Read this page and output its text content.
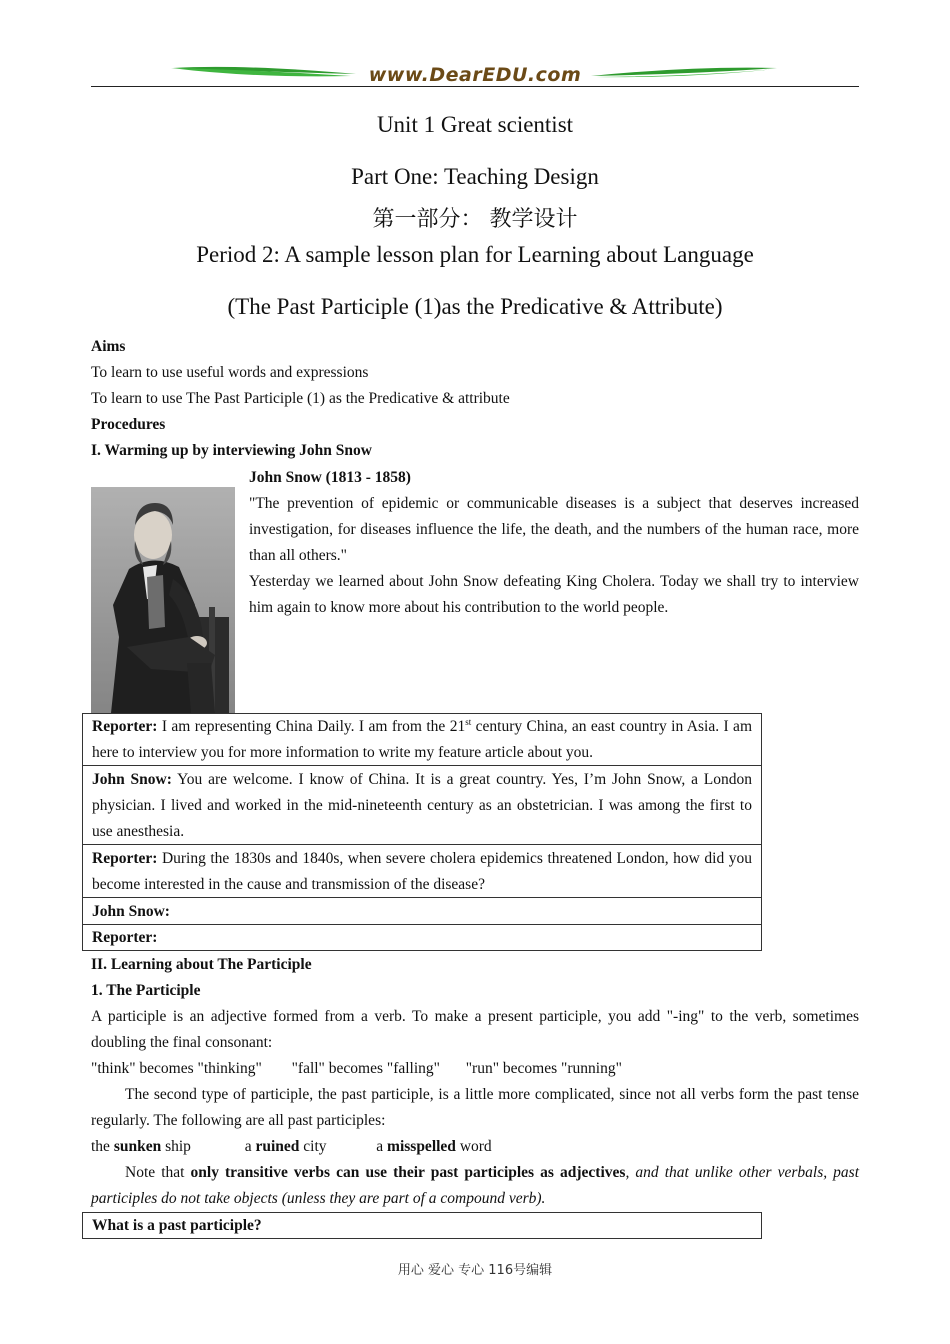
www.DearEDU.com
Unit 1 Great scientist
Part One: Teaching Design
第一部分： 教学设计
Period 2: A sample lesson plan for Learning about Language
(The Past Participle (1)as the Predicative & Attribute)
Aims
To learn to use useful words and expressions
To learn to use The Past Participle (1) as the Predicative & attribute
Procedures
I. Warming up by interviewing John Snow
John Snow (1813 - 1858)
"The prevention of epidemic or communicable diseases is a subject that deserves increased investigation, for diseases influence the life, the death, and the numbers of the human race, more than all others."
Yesterday we learned about John Snow defeating King Cholera. Today we shall try to interview him again to know more about his contribution to the world people.
Reporter: I am representing China Daily. I am from the 21st century China, an east country in Asia. I am here to interview you for more information to write my feature article about you.
John Snow: You are welcome. I know of China. It is a great country. Yes, I’m John Snow, a London physician. I lived and worked in the mid-nineteenth century as an obstetrician. I was among the first to use anesthesia.
Reporter: During the 1830s and 1840s, when severe cholera epidemics threatened London, how did you become interested in the cause and transmission of the disease?
John Snow:
Reporter:
II. Learning about The Participle
1. The Participle
A participle is an adjective formed from a verb. To make a present participle, you add "-ing" to the verb, sometimes doubling the final consonant:
"think" becomes "thinking" "fall" becomes "falling" "run" becomes "running"
The second type of participle, the past participle, is a little more complicated, since not all verbs form the past tense regularly. The following are all past participles:
the sunken ship	a ruined city	a misspelled word
Note that only transitive verbs can use their past participles as adjectives, and that unlike other verbals, past participles do not take objects (unless they are part of a compound verb).
What is a past participle?
用心 爱心 专心 116号编辑
